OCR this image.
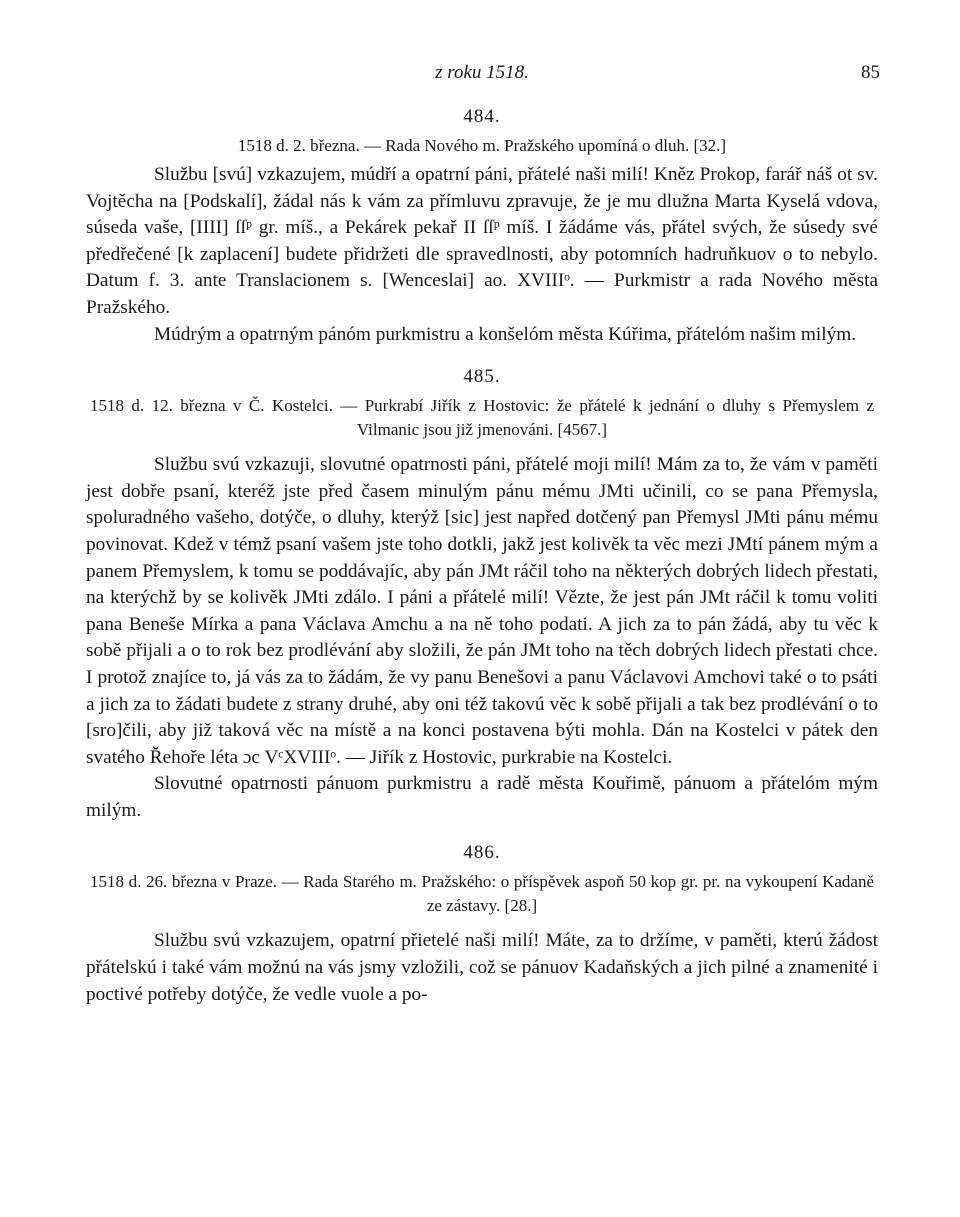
z roku 1518.	85
484.
1518 d. 2. března. — Rada Nového m. Pražského upomíná o dluh. [32.]

Službu [svú] vzkazujem, múdří a opatrní páni, přátelé naši milí! Kněz Prokop, farář náš ot sv. Vojtěcha na [Podskalí], žádal nás k vám za přímluvu zpravuje, že je mu dlužna Marta Kyselá vdova, súseda vaše, [IIII] ſſᵖ gr. míš., a Pekárek pekař II ſſᵖ míš. I žádáme vás, přátel svých, že súsedy své předřečené [k zaplacení] budete přidržeti dle spravedlnosti, aby potomních hadruňkuov o to nebylo. Datum f. 3. ante Translacionem s. [Wenceslai] ao. XVIIIᵒ. — Purkmistr a rada Nového města Pražského.

Múdrým a opatrným pánóm purkmistru a konšelóm města Kúřima, přátelóm našim milým.

485.
1518 d. 12. března v Č. Kostelci. — Purkrabí Jiřík z Hostovic: že přátelé k jednání o dluhy s Přemyslem z Vilmanic jsou již jmenováni. [4567.]

Službu svú vzkazuji, slovutné opatrnosti páni, přátelé moji milí! Mám za to, že vám v paměti jest dobře psaní, kteréž jste před časem minulým pánu mému JMti učinili, co se pana Přemysla, spoluradného vašeho, dotýče, o dluhy, kterýž [sic] jest napřed dotčený pan Přemysl JMti pánu mému povinovat. Kdež v témž psaní vašem jste toho dotkli, jakž jest kolivěk ta věc mezi JMtí pánem mým a panem Přemyslem, k tomu se poddávajíc, aby pán JMt ráčil toho na některých dobrých lidech přestati, na kterýchž by se kolivěk JMti zdálo. I páni a přátelé milí! Vězte, že jest pán JMt ráčil k tomu voliti pana Beneše Mírka a pana Václava Amchu a na ně toho podati. A jich za to pán žádá, aby tu věc k sobě přijali a o to rok bez prodlévání aby složili, že pán JMt toho na těch dobrých lidech přestati chce. I protož znajíce to, já vás za to žádám, že vy panu Benešovi a panu Václavovi Amchovi také o to psáti a jich za to žádati budete z strany druhé, aby oni též takovú věc k sobě přijali a tak bez prodlévání o to [sro]čili, aby již taková věc na místě a na konci postavena býti mohla. Dán na Kostelci v pátek den svatého Řehoře léta ɔc VᶜXVIIIᵒ. — Jiřík z Hostovic, purkrabie na Kostelci.

Slovutné opatrnosti pánuom purkmistru a radě města Kouřimě, pánuom a přátelóm mým milým.

486.
1518 d. 26. března v Praze. — Rada Starého m. Pražského: o příspěvek aspoň 50 kop gr. pr. na vykoupení Kadaně ze zástavy. [28.]

Službu svú vzkazujem, opatrní přietelé naši milí! Máte, za to držíme, v paměti, kterú žádost přátelskú i také vám možnú na vás jsmy vzložili, což se pánuov Kadaňských a jich pilné a znamenité i poctivé potřeby dotýče, že vedle vuole a po-
